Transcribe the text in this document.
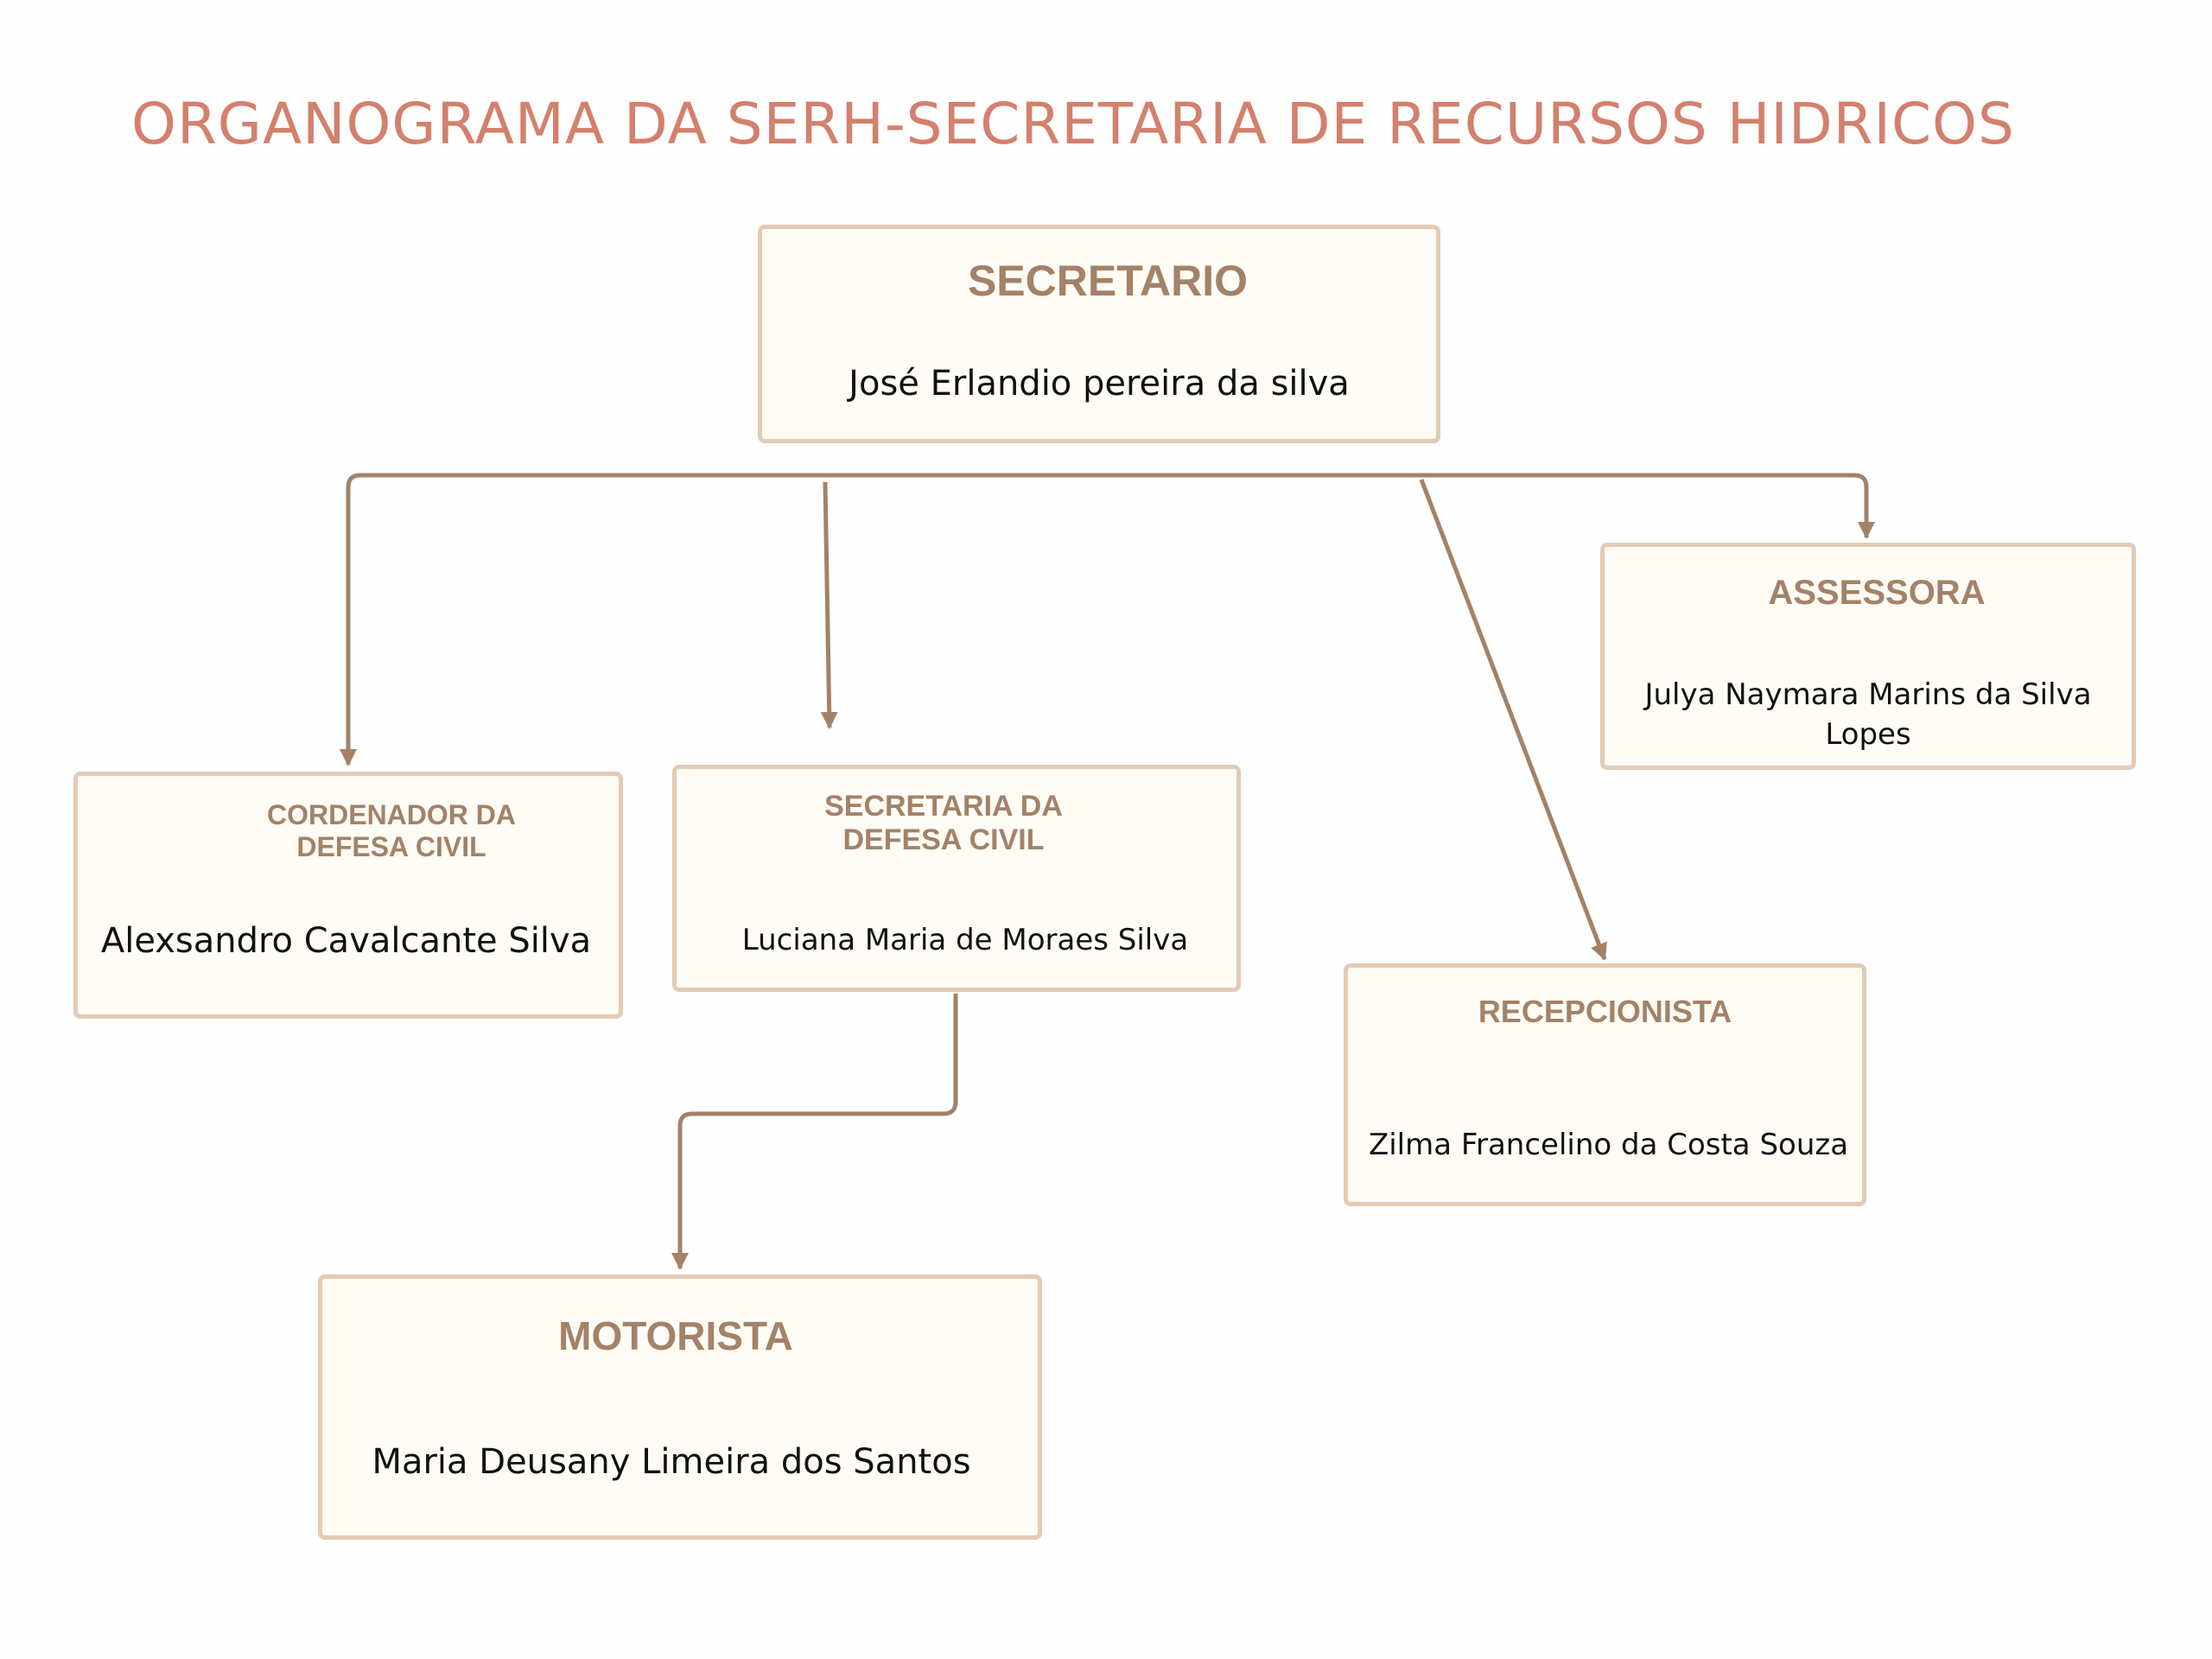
ORGANOGRAMA DA SERH-SECRETARIA DE RECURSOS HIDRICOS
SECRETARIO
José Erlandio pereira da silva
CORDENADOR DA DEFESA CIVIL
Alexsandro Cavalcante Silva
SECRETARIA DA DEFESA CIVIL
Luciana Maria de Moraes Silva
ASSESSORA
Julya Naymara Marins da Silva Lopes
RECEPCIONISTA
Zilma Francelino da Costa Souza
MOTORISTA
Maria Deusany Limeira dos Santos
